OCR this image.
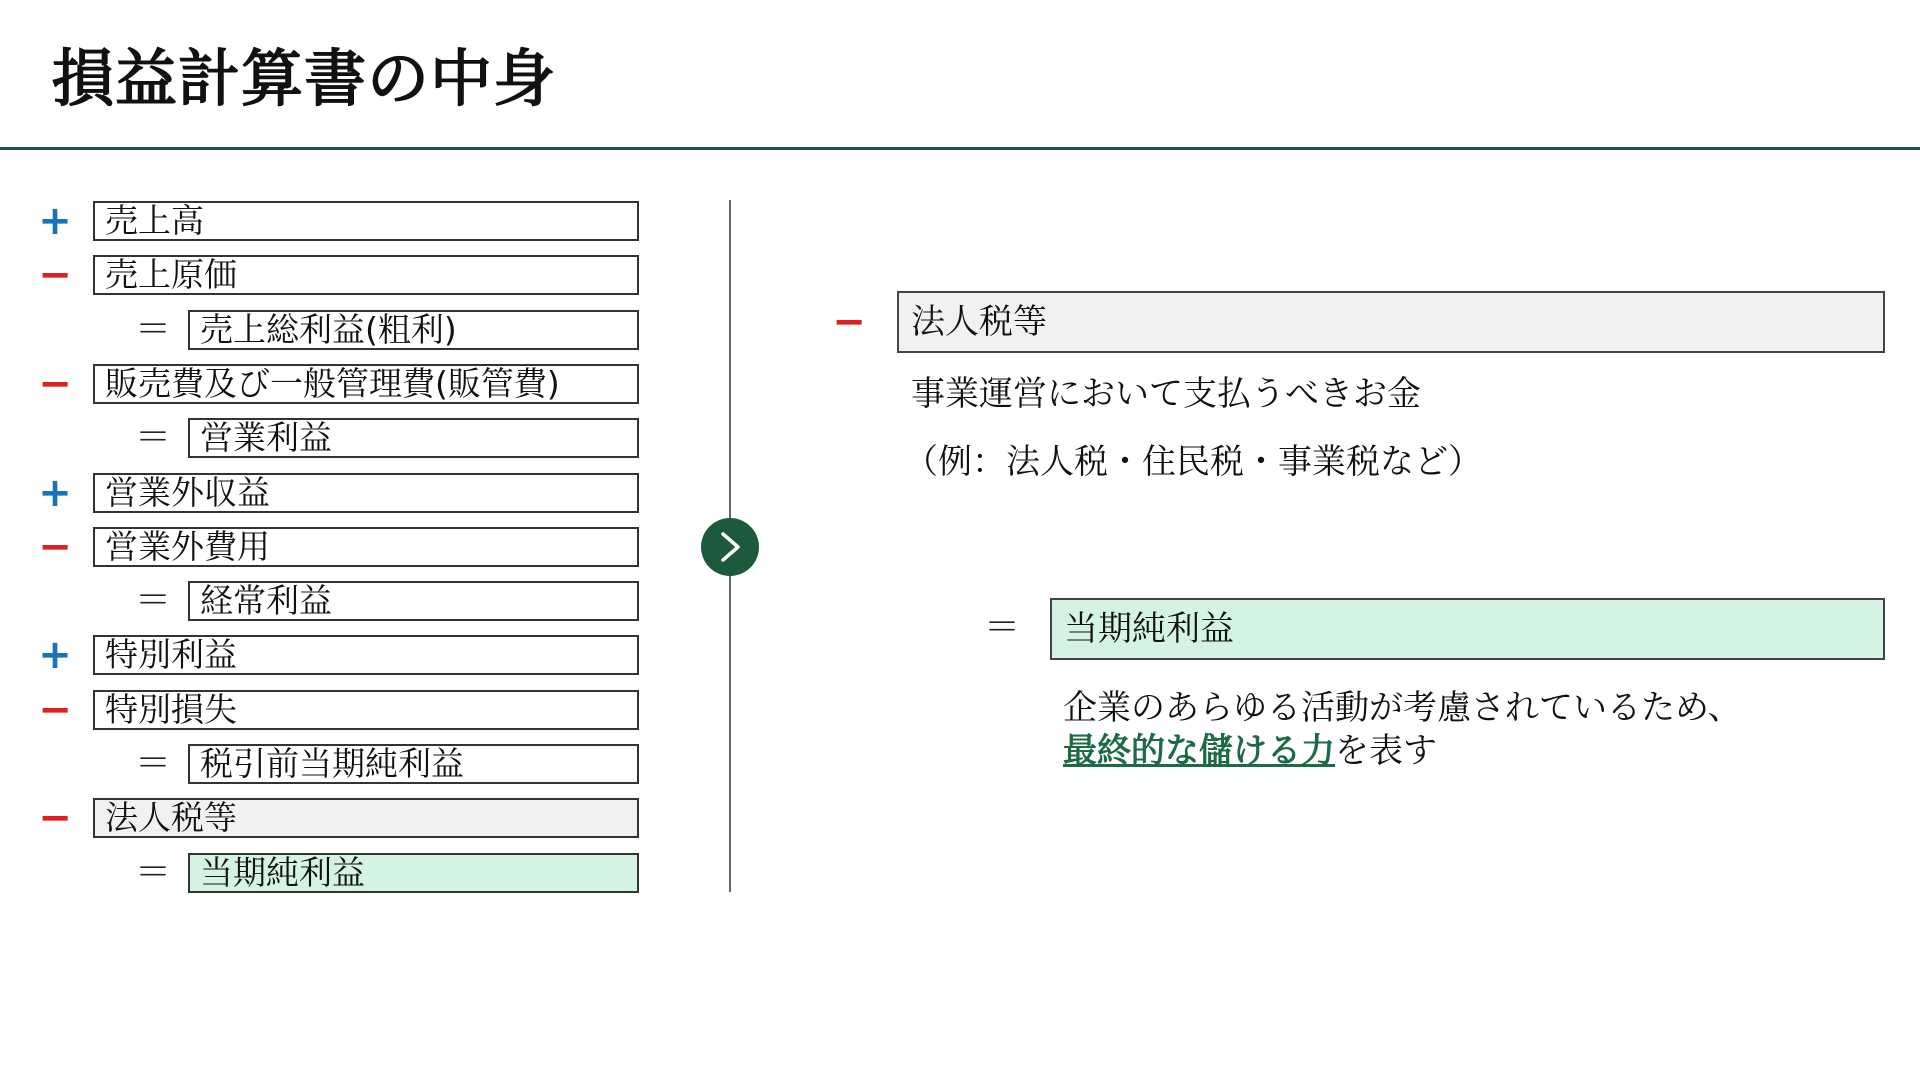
損益計算書の中身
+	売上高
−	売上原価
＝ 売上総利益(粗利)
−	販売費及び一般管理費(販管費)
＝ 営業利益
+	営業外収益
−	営業外費用
＝ 経常利益
+	特別利益
−	特別損失
＝ 税引前当期純利益
−	法人税等
＝ 当期純利益
−	法人税等
事業運営において支払うべきお金
（例：法人税・住民税・事業税など）
＝	当期純利益
企業のあらゆる活動が考慮されているため、
最終的な儲ける力を表す
